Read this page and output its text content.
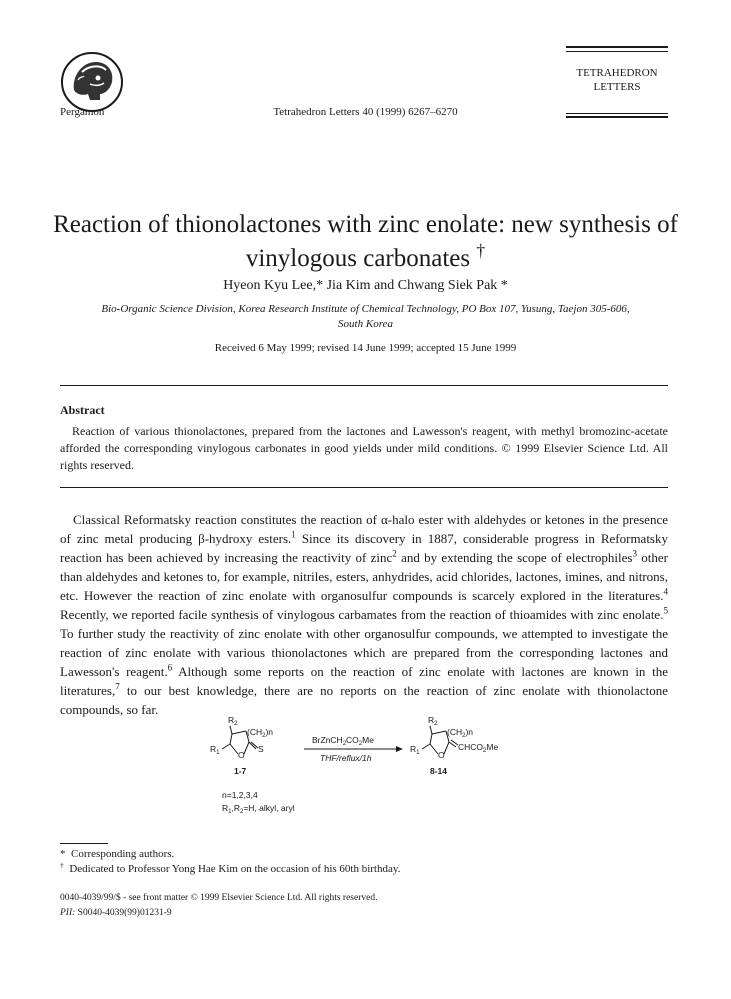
Pergamon	Tetrahedron Letters 40 (1999) 6267–6270
TETRAHEDRON
LETTERS
Reaction of thionolactones with zinc enolate: new synthesis of
vinylogous carbonates †
Hyeon Kyu Lee,* Jia Kim and Chwang Siek Pak *
Bio-Organic Science Division, Korea Research Institute of Chemical Technology, PO Box 107, Yusung, Taejon 305-606,
South Korea
Received 6 May 1999; revised 14 June 1999; accepted 15 June 1999
Abstract
Reaction of various thionolactones, prepared from the lactones and Lawesson's reagent, with methyl bromozinc-acetate afforded the corresponding vinylogous carbonates in good yields under mild conditions. © 1999 Elsevier Science Ltd. All rights reserved.
Classical Reformatsky reaction constitutes the reaction of α-halo ester with aldehydes or ketones in the presence of zinc metal producing β-hydroxy esters.$^1$ Since its discovery in 1887, considerable progress in Reformatsky reaction has been achieved by increasing the reactivity of zinc$^2$ and by extending the scope of electrophiles$^3$ other than aldehydes and ketones to, for example, nitriles, esters, anhydrides, acid chlorides, lactones, imines, and nitrons, etc. However the reaction of zinc enolate with organosulfur compounds is scarcely explored in the literatures.$^4$ Recently, we reported facile synthesis of vinylogous carbamates from the reaction of thioamides with zinc enolate.$^5$ To further study the reactivity of zinc enolate with other organosulfur compounds, we attempted to investigate the reaction of zinc enolate with various thionolactones which are prepared from the corresponding lactones and Lawesson's reagent.$^6$ Although some reports on the reaction of zinc enolate with lactones are known in the literatures,$^7$ to our best knowledge, there are no reports on the reaction of zinc enolate with thionolactone compounds, so far.
$R_2$
$(CH_2)n$
$R_1$ O
S
1-7
$BrZnCH_2CO_2Me$
THF/reflux/1h
$R_2$
$(CH_2)n$
$R_1$ O
$CHCO_2Me$
8-14
n=1,2,3,4
$R_1,R_2=H$, alkyl, aryl
* Corresponding authors.
† Dedicated to Professor Yong Hae Kim on the occasion of his 60th birthday.
0040-4039/99/$ - see front matter © 1999 Elsevier Science Ltd. All rights reserved.
PII: S0040-4039(99)01231-9
